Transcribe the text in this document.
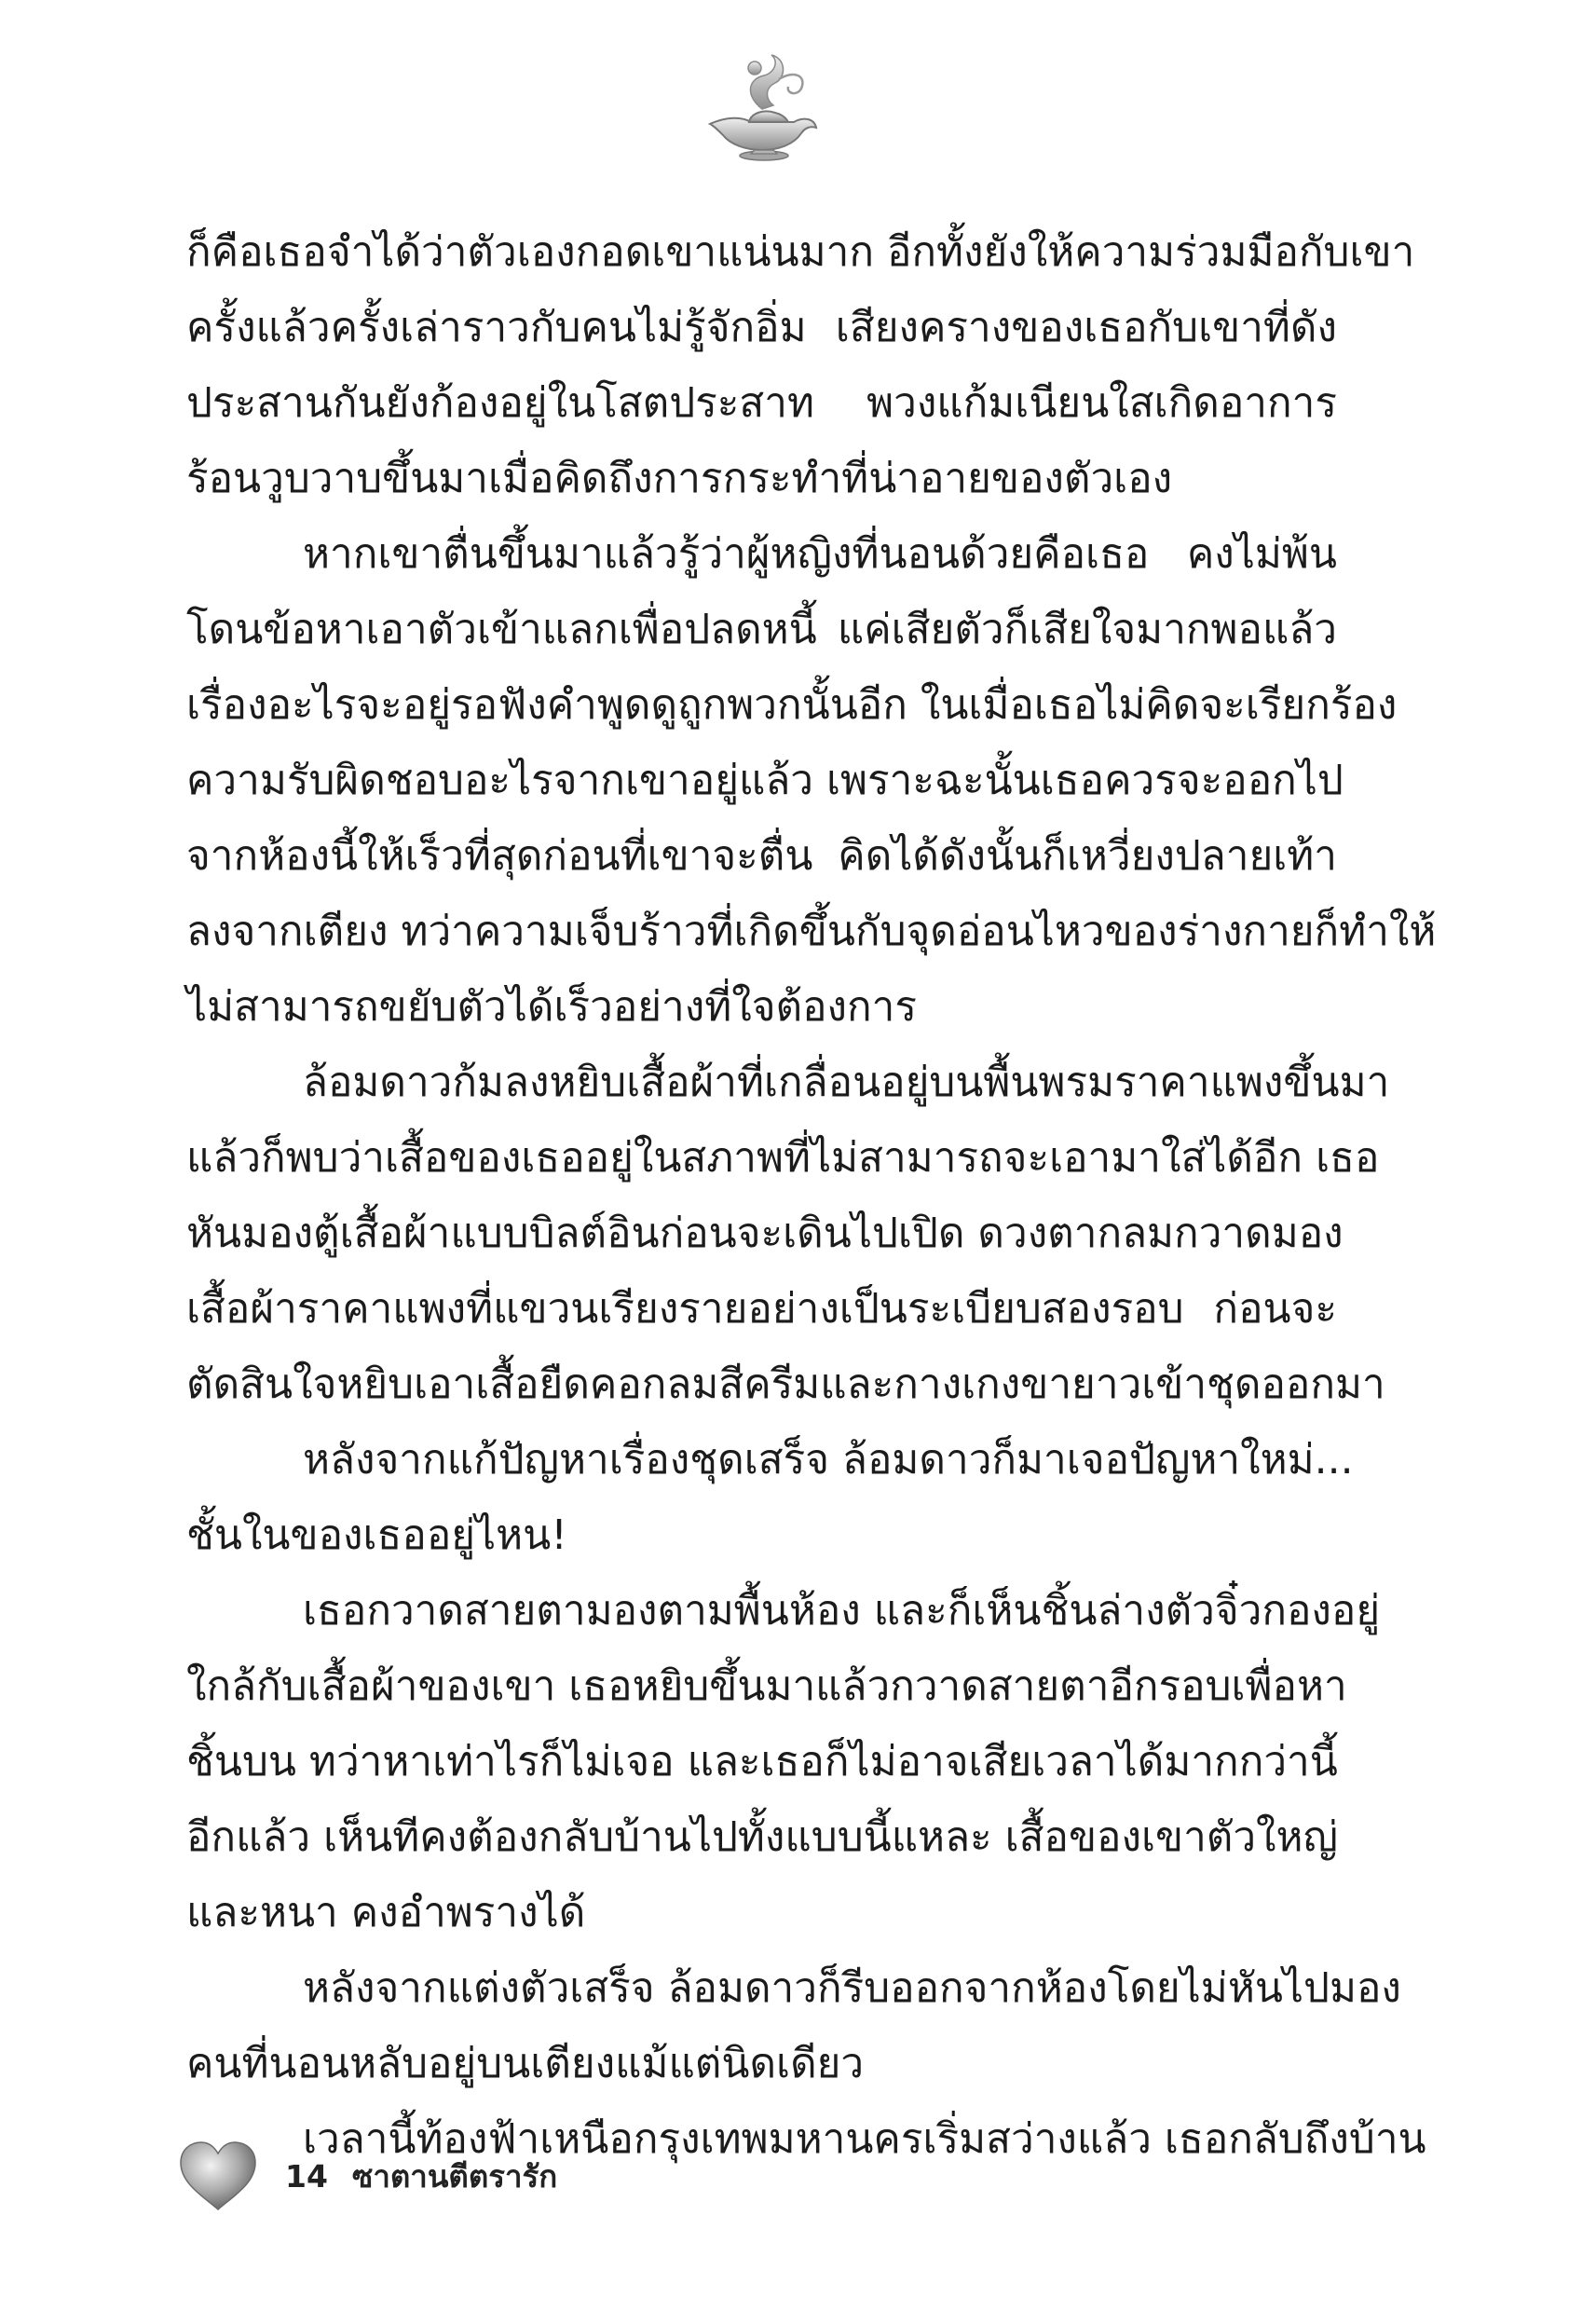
ก็คือเธอจำได้ว่าตัวเองกอดเขาแน่นมาก อีกทั้งยังให้ความร่วมมือกับเขา
ครั้งแล้วครั้งเล่าราวกับคนไม่รู้จักอิ่ม เสียงครางของเธอกับเขาที่ดัง
ประสานกันยังก้องอยู่ในโสตประสาท พวงแก้มเนียนใสเกิดอาการ
ร้อนวูบวาบขึ้นมาเมื่อคิดถึงการกระทำที่น่าอายของตัวเอง
หากเขาตื่นขึ้นมาแล้วรู้ว่าผู้หญิงที่นอนด้วยคือเธอ คงไม่พ้น
โดนข้อหาเอาตัวเข้าแลกเพื่อปลดหนี้ แค่เสียตัวก็เสียใจมากพอแล้ว
เรื่องอะไรจะอยู่รอฟังคำพูดดูถูกพวกนั้นอีก ในเมื่อเธอไม่คิดจะเรียกร้อง
ความรับผิดชอบอะไรจากเขาอยู่แล้ว เพราะฉะนั้นเธอควรจะออกไป
จากห้องนี้ให้เร็วที่สุดก่อนที่เขาจะตื่น คิดได้ดังนั้นก็เหวี่ยงปลายเท้า
ลงจากเตียง ทว่าความเจ็บร้าวที่เกิดขึ้นกับจุดอ่อนไหวของร่างกายก็ทำให้
ไม่สามารถขยับตัวได้เร็วอย่างที่ใจต้องการ
ล้อมดาวก้มลงหยิบเสื้อผ้าที่เกลื่อนอยู่บนพื้นพรมราคาแพงขึ้นมา
แล้วก็พบว่าเสื้อของเธออยู่ในสภาพที่ไม่สามารถจะเอามาใส่ได้อีก เธอ
หันมองตู้เสื้อผ้าแบบบิลต์อินก่อนจะเดินไปเปิด ดวงตากลมกวาดมอง
เสื้อผ้าราคาแพงที่แขวนเรียงรายอย่างเป็นระเบียบสองรอบ ก่อนจะ
ตัดสินใจหยิบเอาเสื้อยืดคอกลมสีครีมและกางเกงขายาวเข้าชุดออกมา
หลังจากแก้ปัญหาเรื่องชุดเสร็จ ล้อมดาวก็มาเจอปัญหาใหม่...
ชั้นในของเธออยู่ไหน!
เธอกวาดสายตามองตามพื้นห้อง และก็เห็นชิ้นล่างตัวจิ๋วกองอยู่
ใกล้กับเสื้อผ้าของเขา เธอหยิบขึ้นมาแล้วกวาดสายตาอีกรอบเพื่อหา
ชิ้นบน ทว่าหาเท่าไรก็ไม่เจอ และเธอก็ไม่อาจเสียเวลาได้มากกว่านี้
อีกแล้ว เห็นทีคงต้องกลับบ้านไปทั้งแบบนี้แหละ เสื้อของเขาตัวใหญ่
และหนา คงอำพรางได้
หลังจากแต่งตัวเสร็จ ล้อมดาวก็รีบออกจากห้องโดยไม่หันไปมอง
คนที่นอนหลับอยู่บนเตียงแม้แต่นิดเดียว
เวลานี้ท้องฟ้าเหนือกรุงเทพมหานครเริ่มสว่างแล้ว เธอกลับถึงบ้าน
14 ซาตานตีตรารัก
